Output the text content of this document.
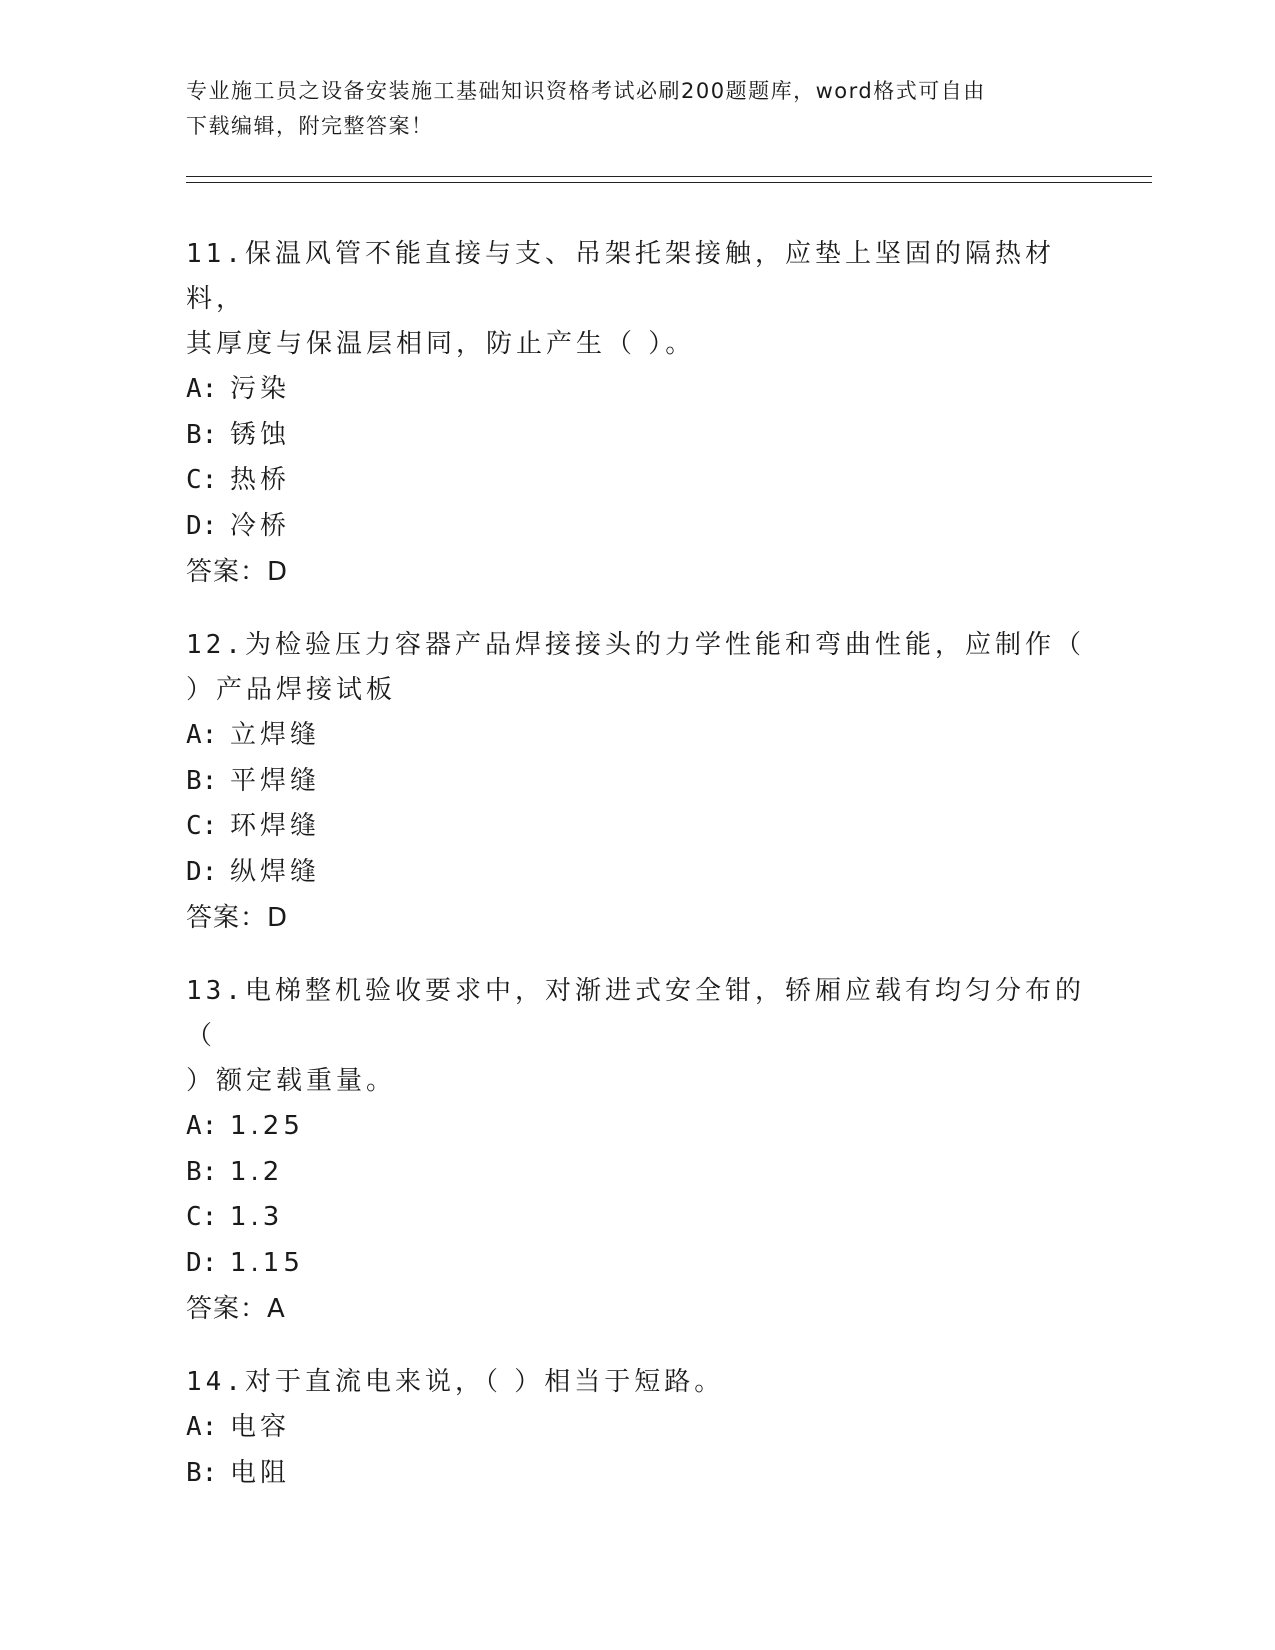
专业施工员之设备安装施工基础知识资格考试必刷200题题库，word格式可自由
下载编辑，附完整答案！
11.保温风管不能直接与支、吊架托架接触，应垫上坚固的隔热材料，
其厚度与保温层相同，防止产生（ ）。
A: 污染
B: 锈蚀
C: 热桥
D: 冷桥
答案：D
12.为检验压力容器产品焊接接头的力学性能和弯曲性能，应制作（
）产品焊接试板
A: 立焊缝
B: 平焊缝
C: 环焊缝
D: 纵焊缝
答案：D
13.电梯整机验收要求中，对渐进式安全钳，轿厢应载有均匀分布的（
）额定载重量。
A: 1.25
B: 1.2
C: 1.3
D: 1.15
答案：A
14.对于直流电来说，（ ）相当于短路。
A: 电容
B: 电阻
